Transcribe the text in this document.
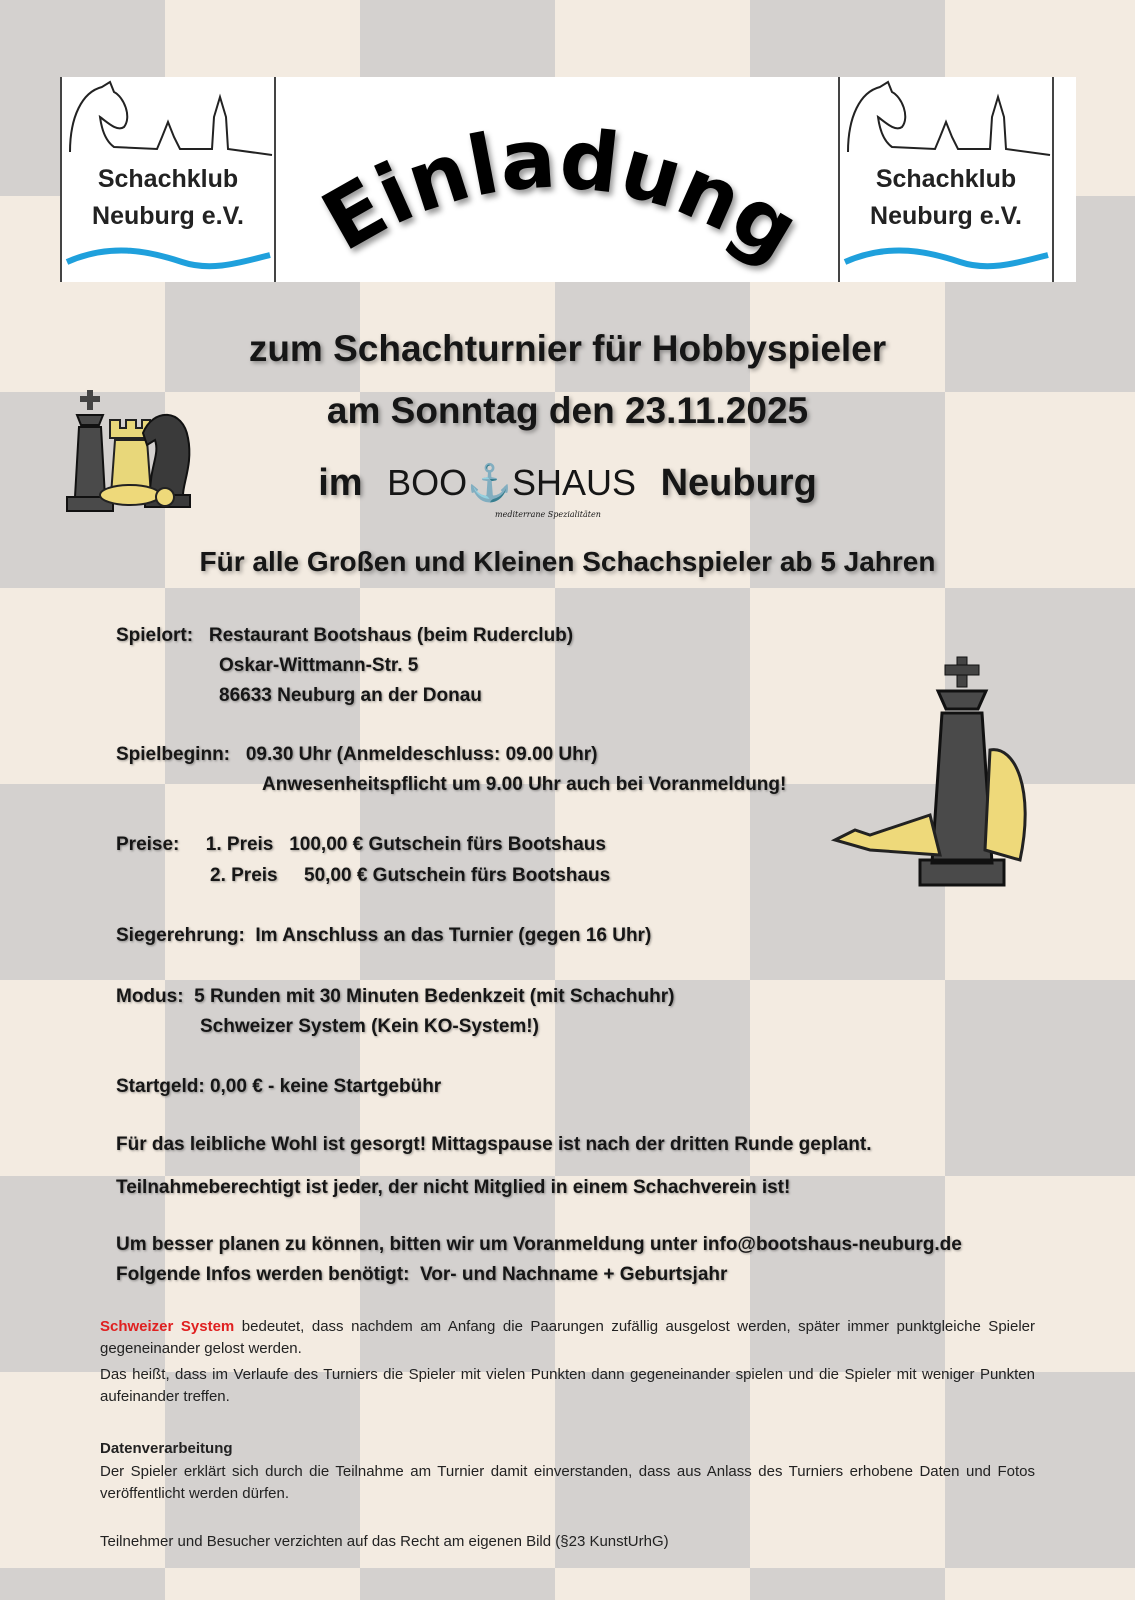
Schachklub
Neuburg e.V.
Schachklub
Neuburg e.V.
Einladung
zum Schachturnier für Hobbyspieler
am Sonntag den 23.11.2025
im BOO⚓SHAUS Neuburg
mediterrane Spezialitäten
Für alle Großen und Kleinen Schachspieler ab 5 Jahren
Spielort:   Restaurant Bootshaus (beim Ruderclub)
Oskar-Wittmann-Str. 5
86633 Neuburg an der Donau
Spielbeginn:   09.30 Uhr (Anmeldeschluss: 09.00 Uhr)
Anwesenheitspflicht um 9.00 Uhr auch bei Voranmeldung!
Preise:     1. Preis   100,00 € Gutschein fürs Bootshaus
2. Preis     50,00 € Gutschein fürs Bootshaus
Siegerehrung:  Im Anschluss an das Turnier (gegen 16 Uhr)
Modus:  5 Runden mit 30 Minuten Bedenkzeit (mit Schachuhr)
Schweizer System (Kein KO-System!)
Startgeld: 0,00 € - keine Startgebühr
Für das leibliche Wohl ist gesorgt! Mittagspause ist nach der dritten Runde geplant.
Teilnahmeberechtigt ist jeder, der nicht Mitglied in einem Schachverein ist!
Um besser planen zu können, bitten wir um Voranmeldung unter info@bootshaus-neuburg.de
Folgende Infos werden benötigt:  Vor- und Nachname + Geburtsjahr
Schweizer System bedeutet, dass nachdem am Anfang die Paarungen zufällig ausgelost werden, später immer punktgleiche Spieler gegeneinander gelost werden.
Das heißt, dass im Verlaufe des Turniers die Spieler mit vielen Punkten dann gegeneinander spielen und die Spieler mit weniger Punkten aufeinander treffen.
Datenverarbeitung
Der Spieler erklärt sich durch die Teilnahme am Turnier damit einverstanden, dass aus Anlass des Turniers erhobene Daten und Fotos veröffentlicht werden dürfen.
Teilnehmer und Besucher verzichten auf das Recht am eigenen Bild (§23 KunstUrhG)
